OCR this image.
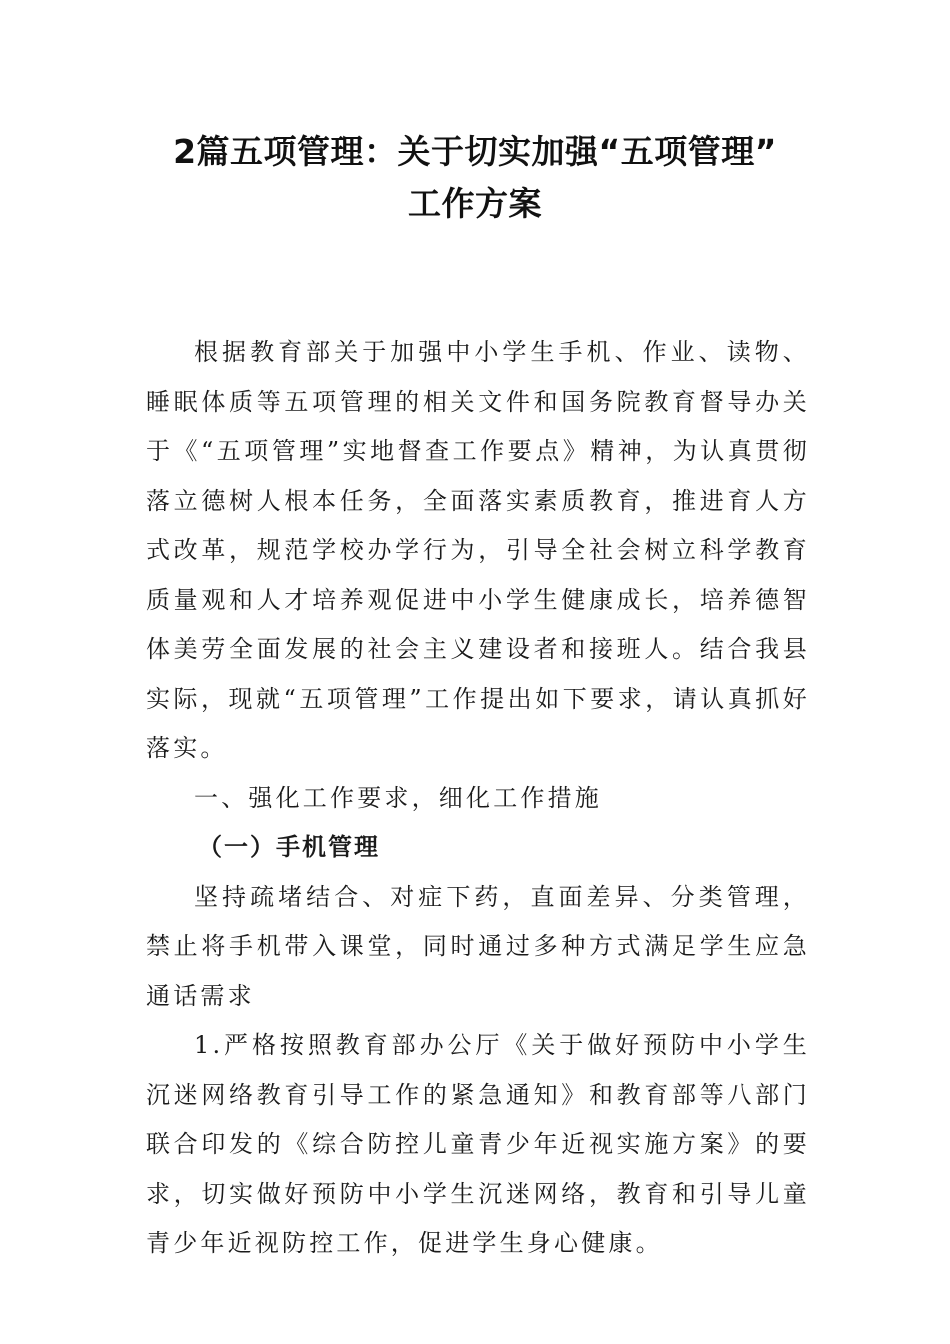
2篇五项管理：关于切实加强“五项管理”
工作方案

根据教育部关于加强中小学生手机、作业、读物、睡眠体质等五项管理的相关文件和国务院教育督导办关于《“五项管理”实地督查工作要点》精神，为认真贯彻落立德树人根本任务，全面落实素质教育，推进育人方式改革，规范学校办学行为，引导全社会树立科学教育质量观和人才培养观促进中小学生健康成长，培养德智体美劳全面发展的社会主义建设者和接班人。结合我县实际，现就“五项管理”工作提出如下要求，请认真抓好落实。

一、强化工作要求，细化工作措施

（一）手机管理

坚持疏堵结合、对症下药，直面差异、分类管理，禁止将手机带入课堂，同时通过多种方式满足学生应急通话需求

1.严格按照教育部办公厅《关于做好预防中小学生沉迷网络教育引导工作的紧急通知》和教育部等八部门联合印发的《综合防控儿童青少年近视实施方案》的要求，切实做好预防中小学生沉迷网络，教育和引导儿童青少年近视防控工作，促进学生身心健康。
